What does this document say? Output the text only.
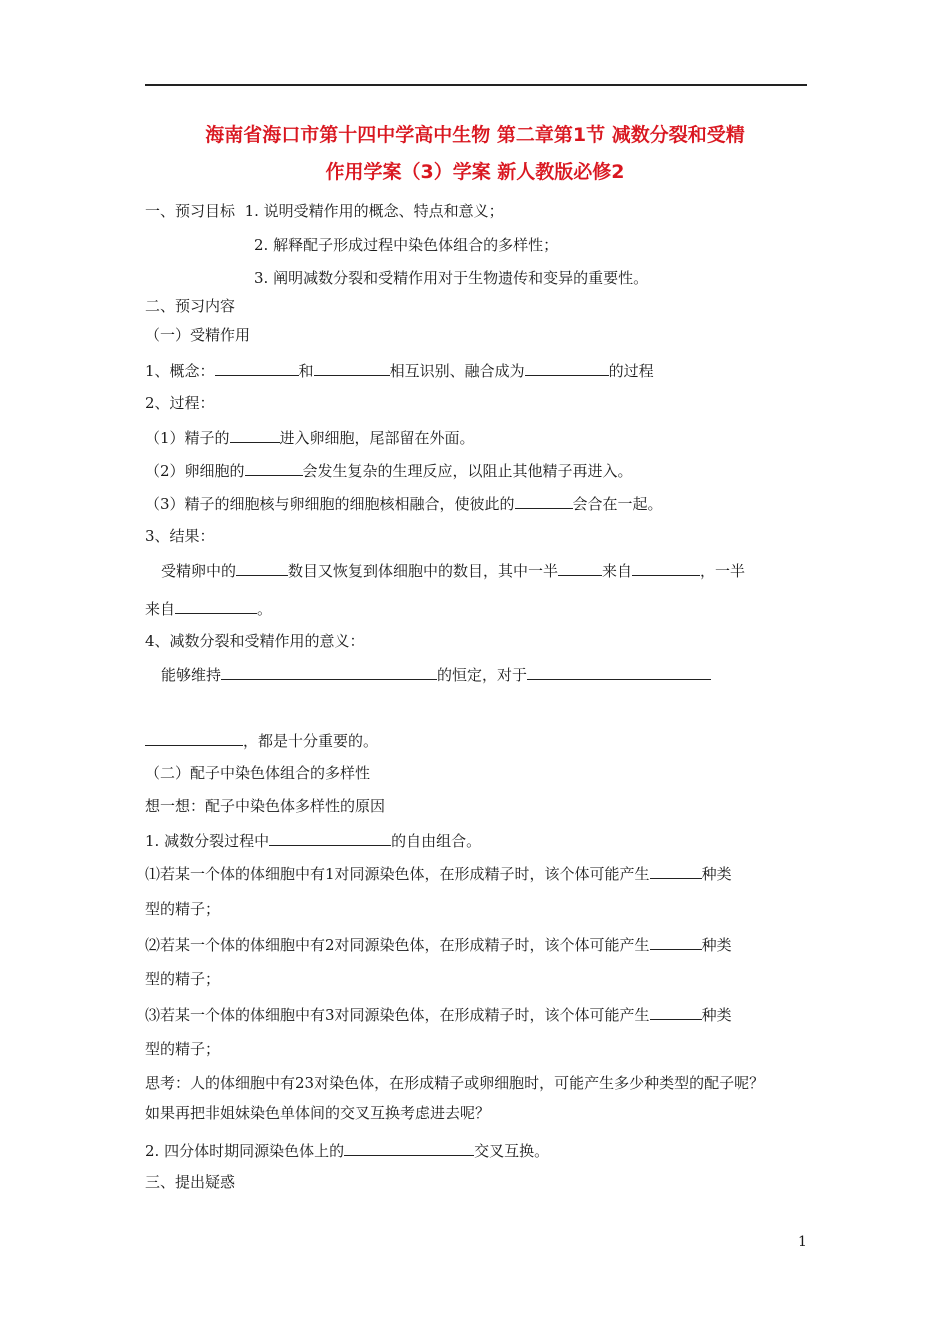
海南省海口市第十四中学高中生物 第二章第1节 减数分裂和受精
作用学案（3）学案 新人教版必修2
一、预习目标 1. 说明受精作用的概念、特点和意义；
2. 解释配子形成过程中染色体组合的多样性；
3. 阐明减数分裂和受精作用对于生物遗传和变异的重要性。
二、预习内容
（一）受精作用
1、概念：	和	相互识别、融合成为	的过程
2、过程：
（1）精子的	进入卵细胞，尾部留在外面。
（2）卵细胞的	会发生复杂的生理反应，以阻止其他精子再进入。
（3）精子的细胞核与卵细胞的细胞核相融合，使彼此的	会合在一起。
3、结果：
受精卵中的	数目又恢复到体细胞中的数目，其中一半	来自	，一半
来自	。
4、减数分裂和受精作用的意义：
能够维持	的恒定，对于
，都是十分重要的。
（二）配子中染色体组合的多样性
想一想：配子中染色体多样性的原因
1. 减数分裂过程中	的自由组合。
⑴若某一个体的体细胞中有1对同源染色体，在形成精子时，该个体可能产生	种类
型的精子；
⑵若某一个体的体细胞中有2对同源染色体，在形成精子时，该个体可能产生	种类
型的精子；
⑶若某一个体的体细胞中有3对同源染色体，在形成精子时，该个体可能产生	种类
型的精子；
思考：人的体细胞中有23对染色体，在形成精子或卵细胞时，可能产生多少种类型的配子呢？
如果再把非姐妹染色单体间的交叉互换考虑进去呢？
2. 四分体时期同源染色体上的	交叉互换。
三、提出疑惑
1
